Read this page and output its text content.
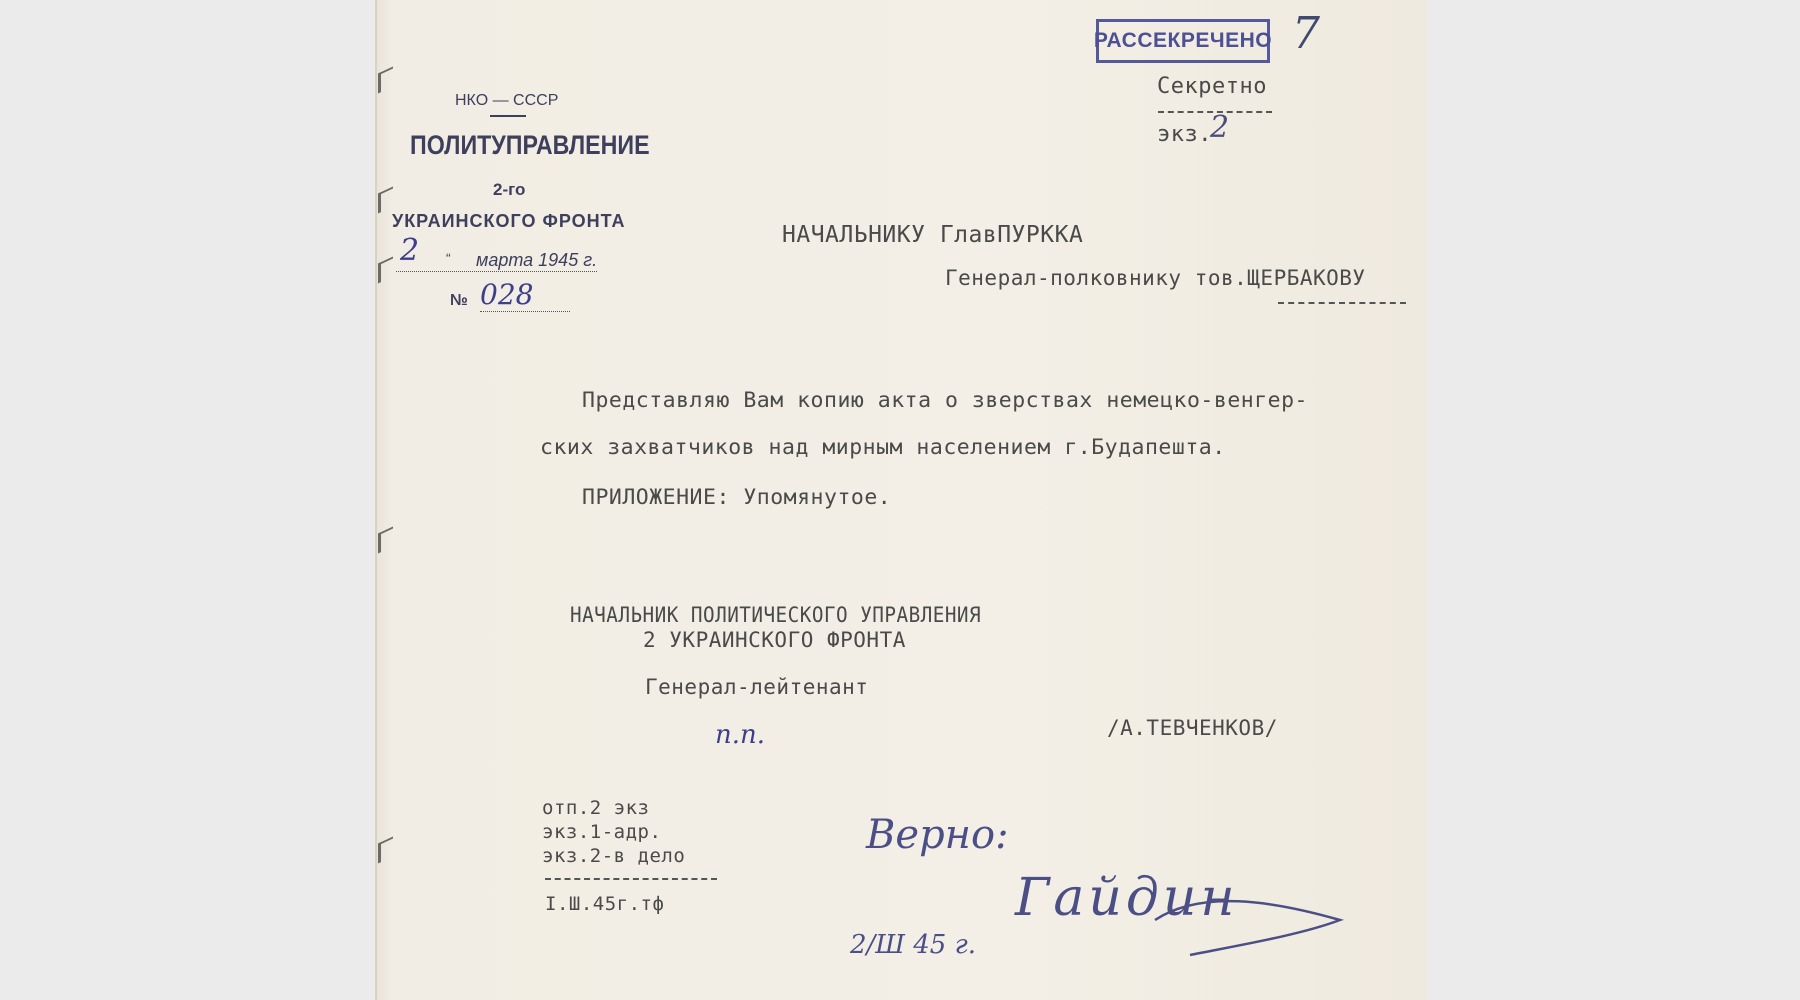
НКО — СССР
ПОЛИТУПРАВЛЕНИЕ
2-го
УКРАИНСКОГО ФРОНТА
2 “	марта 1945 г.
№ 028
РАССЕКРЕЧЕНО 7
Секретно
экз.
2
НАЧАЛЬНИКУ ГлавПУРККА
Генерал-полковнику тов.ЩЕРБАКОВУ
Представляю Вам копию акта о зверствах немецко-венгер-
ских захватчиков над мирным населением г.Будапешта.
ПРИЛОЖЕНИЕ: Упомянутое.
НАЧАЛЬНИК ПОЛИТИЧЕСКОГО УПРАВЛЕНИЯ
2 УКРАИНСКОГО ФРОНТА
Генерал-лейтенант
п.п.	/А.ТЕВЧЕНКОВ/
отп.2 экз
экз.1-адр.
экз.2-в дело
I.Ш.45г.тф
Верно:
Гайдин
2/Ш 45 г.
